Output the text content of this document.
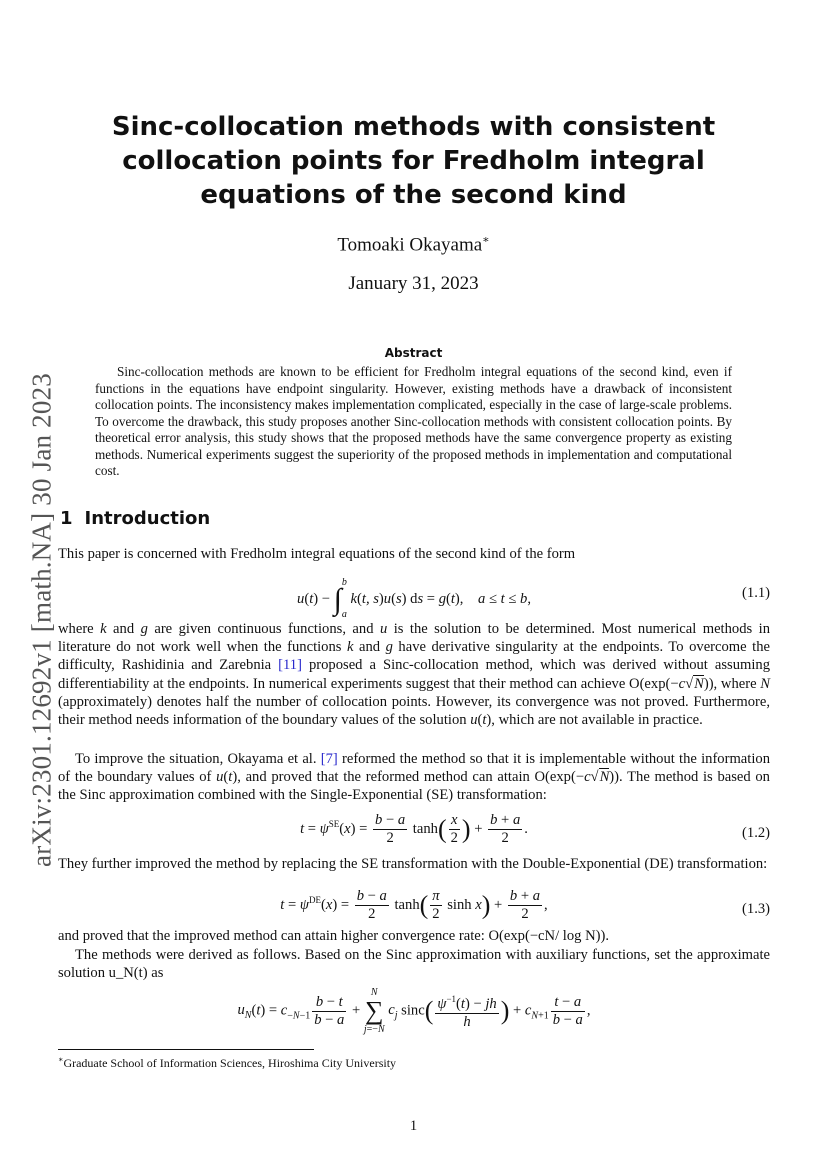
arXiv:2301.12692v1 [math.NA] 30 Jan 2023
Sinc-collocation methods with consistent collocation points for Fredholm integral equations of the second kind
Tomoaki Okayama∗
January 31, 2023
Abstract

Sinc-collocation methods are known to be efficient for Fredholm integral equations of the second kind, even if functions in the equations have endpoint singularity. However, existing methods have a drawback of inconsistent collocation points. The inconsistency makes implementation complicated, especially in the case of large-scale problems. To overcome the drawback, this study proposes another Sinc-collocation methods with consistent collocation points. By theoretical error analysis, this study shows that the proposed methods have the same convergence property as existing methods. Numerical experiments suggest the superiority of the proposed methods in implementation and computational cost.

1 Introduction

This paper is concerned with Fredholm integral equations of the second kind of the form

u(t) − ∫$^b_a$ k(t, s)u(s) ds = g(t),    a ≤ t ≤ b,	(1.1)

where k and g are given continuous functions, and u is the solution to be determined. Most numerical methods in literature do not work well when the functions k and g have derivative singularity at the endpoints. To overcome the difficulty, Rashidinia and Zarebnia [11] proposed a Sinc-collocation method, which was derived without assuming differentiability at the endpoints. In numerical experiments suggest that their method can achieve O(exp(−c√N)), where N (approximately) denotes half the number of collocation points. However, its convergence was not proved. Furthermore, their method needs information of the boundary values of the solution u(t), which are not available in practice.

To improve the situation, Okayama et al. [7] reformed the method so that it is implementable without the information of the boundary values of u(t), and proved that the reformed method can attain O(exp(−c√N)). The method is based on the Sinc approximation combined with the Single-Exponential (SE) transformation:

$t = \psi^{SE}(x) = \frac{b - a}{2} \tanh( \frac{x}{2}$ ) + $\frac{b + a}{2}$ .	(1.2)

They further improved the method by replacing the SE transformation with the Double-Exponential (DE) transformation:

$t = \psi^{DE}(x) = \frac{b - a}{2} \tanh( \frac{\pi}{2}$ $\sinh x) + \frac{b + a}{2}$ ,	(1.3)

and proved that the improved method can attain higher convergence rate: O(exp(−cN/ log N)).

The methods were derived as follows. Based on the Sinc approximation with auxiliary functions, set the approximate solution u_N(t) as

$u_N(t) = c_{-N-1} \frac{b - t}{b - a} + N$
∑
j=−N $c_j$ $\sin c( \frac{\psi^{-1}(t) - jh}{h}$ ) + $c_{N+1} \frac{t - a}{b - a}$ ,
∗Graduate School of Information Sciences, Hiroshima City University
1
